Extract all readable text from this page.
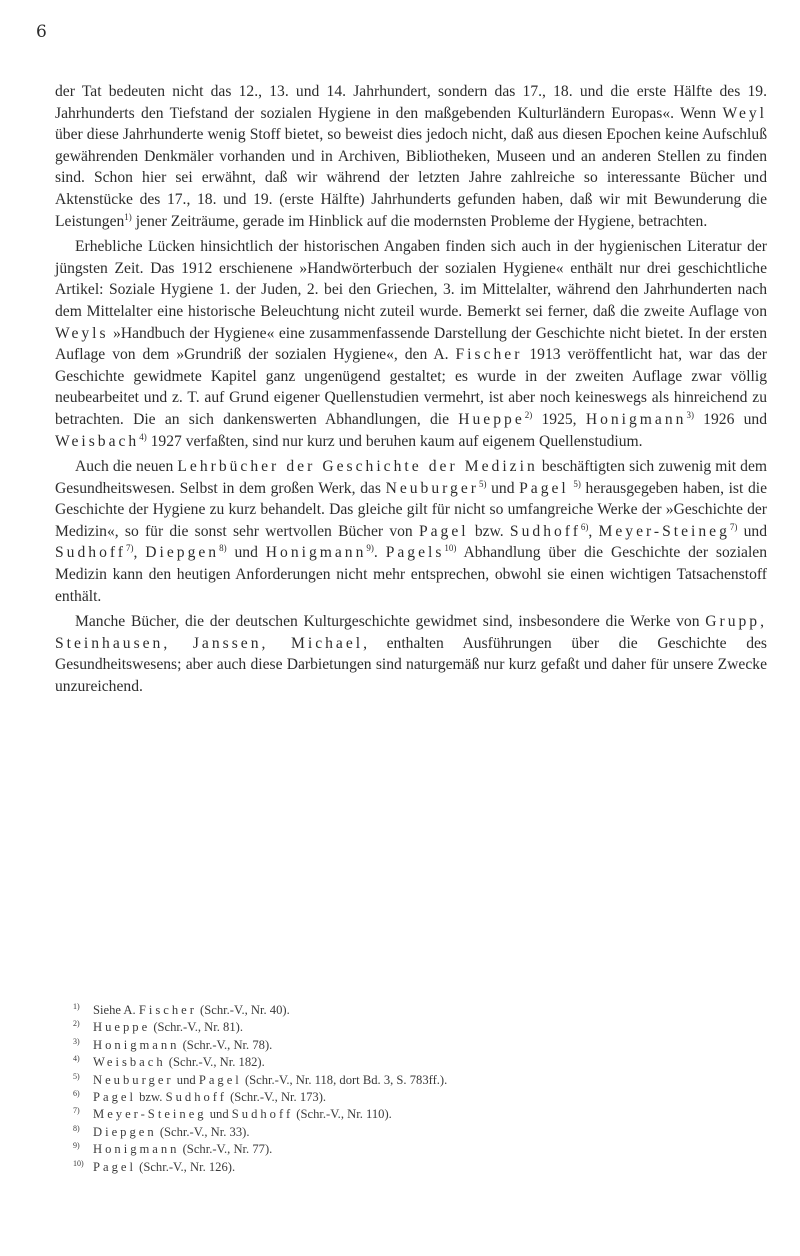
6

der Tat bedeuten nicht das 12., 13. und 14. Jahrhundert, sondern das 17., 18. und die erste Hälfte des 19. Jahrhunderts den Tiefstand der sozialen Hygiene in den maßgebenden Kulturländern Europas«. Wenn Weyl über diese Jahrhunderte wenig Stoff bietet, so beweist dies jedoch nicht, daß aus diesen Epochen keine Aufschluß gewährenden Denkmäler vorhanden und in Archiven, Bibliotheken, Museen und an anderen Stellen zu finden sind. Schon hier sei erwähnt, daß wir während der letzten Jahre zahlreiche so interessante Bücher und Aktenstücke des 17., 18. und 19. (erste Hälfte) Jahrhunderts gefunden haben, daß wir mit Bewunderung die Leistungen$^{1)}$ jener Zeiträume, gerade im Hinblick auf die modernsten Probleme der Hygiene, betrachten.

Erhebliche Lücken hinsichtlich der historischen Angaben finden sich auch in der hygienischen Literatur der jüngsten Zeit. Das 1912 erschienene »Handwörterbuch der sozialen Hygiene« enthält nur drei geschichtliche Artikel: Soziale Hygiene 1. der Juden, 2. bei den Griechen, 3. im Mittelalter, während den Jahrhunderten nach dem Mittelalter eine historische Beleuchtung nicht zuteil wurde. Bemerkt sei ferner, daß die zweite Auflage von Weyls »Handbuch der Hygiene« eine zusammenfassende Darstellung der Geschichte nicht bietet. In der ersten Auflage von dem »Grundriß der sozialen Hygiene«, den A. Fischer 1913 veröffentlicht hat, war das der Geschichte gewidmete Kapitel ganz ungenügend gestaltet; es wurde in der zweiten Auflage zwar völlig neubearbeitet und z. T. auf Grund eigener Quellenstudien vermehrt, ist aber noch keineswegs als hinreichend zu betrachten. Die an sich dankenswerten Abhandlungen, die Hueppe$^{2)}$ 1925, Honigmann$^{3)}$ 1926 und Weisbach$^{4)}$ 1927 verfaßten, sind nur kurz und beruhen kaum auf eigenem Quellenstudium.

Auch die neuen Lehrbücher der Geschichte der Medizin beschäftigten sich zuwenig mit dem Gesundheitswesen. Selbst in dem großen Werk, das Neuburger$^{5)}$ und Pagel $^{5)}$ herausgegeben haben, ist die Geschichte der Hygiene zu kurz behandelt. Das gleiche gilt für nicht so umfangreiche Werke der »Geschichte der Medizin«, so für die sonst sehr wertvollen Bücher von Pagel bzw. Sudhoff$^{6)}$, Meyer-Steineg$^{7)}$ und Sudhoff$^{7)}$, Diepgen$^{8)}$ und Honigmann$^{9)}$. Pagels$^{10)}$ Abhandlung über die Geschichte der sozialen Medizin kann den heutigen Anforderungen nicht mehr entsprechen, obwohl sie einen wichtigen Tatsachenstoff enthält.

Manche Bücher, die der deutschen Kulturgeschichte gewidmet sind, insbesondere die Werke von Grupp, Steinhausen, Janssen, Michael, enthalten Ausführungen über die Geschichte des Gesundheitswesens; aber auch diese Darbietungen sind naturgemäß nur kurz gefaßt und daher für unsere Zwecke unzureichend.

$^{1)}$	Siehe A. Fischer (Schr.-V., Nr. 40).
$^{2)}$	Hueppe (Schr.-V., Nr. 81).
$^{3)}$	Honigmann (Schr.-V., Nr. 78).
$^{4)}$	Weisbach (Schr.-V., Nr. 182).
$^{5)}$	Neuburger und Pagel (Schr.-V., Nr. 118, dort Bd. 3, S. 783ff.).
$^{6)}$	Pagel bzw. Sudhoff (Schr.-V., Nr. 173).
$^{7)}$	Meyer-Steineg und Sudhoff (Schr.-V., Nr. 110).
$^{8)}$	Diepgen (Schr.-V., Nr. 33).
$^{9)}$	Honigmann (Schr.-V., Nr. 77).
$^{10)}$ Pagel (Schr.-V., Nr. 126).
